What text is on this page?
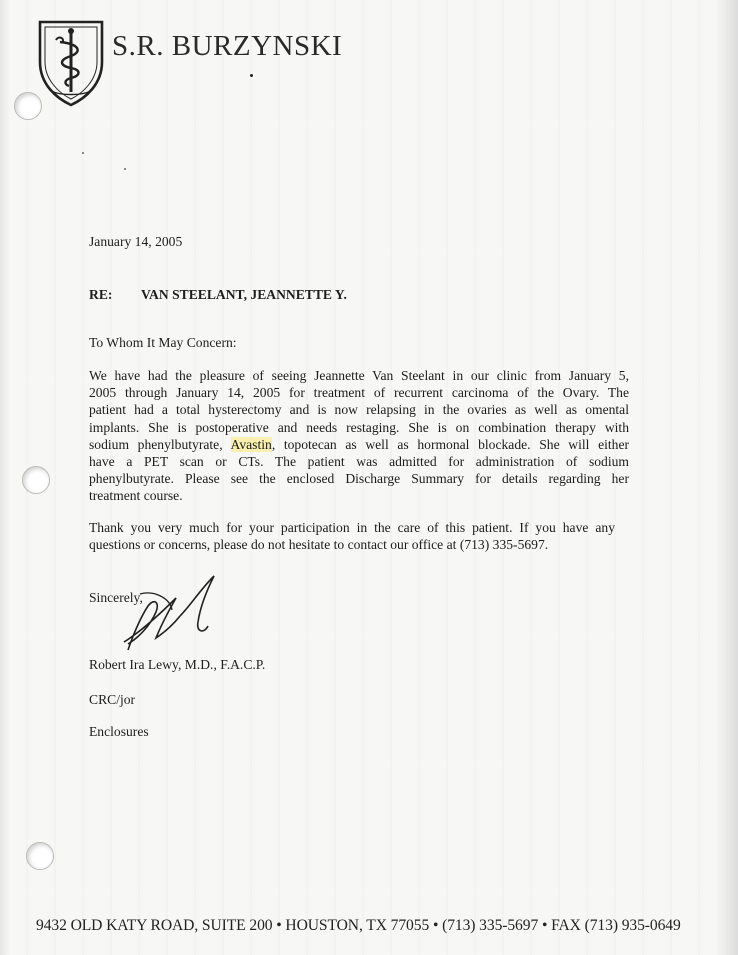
S.R. BURZYNSKI
January 14, 2005
RE: VAN STEELANT, JEANNETTE Y.
To Whom It May Concern:
We have had the pleasure of seeing Jeannette Van Steelant in our clinic from January 5,
2005 through January 14, 2005 for treatment of recurrent carcinoma of the Ovary. The
patient had a total hysterectomy and is now relapsing in the ovaries as well as omental
implants. She is postoperative and needs restaging. She is on combination therapy with
sodium phenylbutyrate, Avastin, topotecan as well as hormonal blockade. She will either
have a PET scan or CTs. The patient was admitted for administration of sodium
phenylbutyrate. Please see the enclosed Discharge Summary for details regarding her
treatment course.
Thank you very much for your participation in the care of this patient. If you have any
questions or concerns, please do not hesitate to contact our office at (713) 335-5697.
Sincerely,
Robert Ira Lewy, M.D., F.A.C.P.
CRC/jor
Enclosures
9432 OLD KATY ROAD, SUITE 200 • HOUSTON, TX 77055 • (713) 335-5697 • FAX (713) 935-0649
